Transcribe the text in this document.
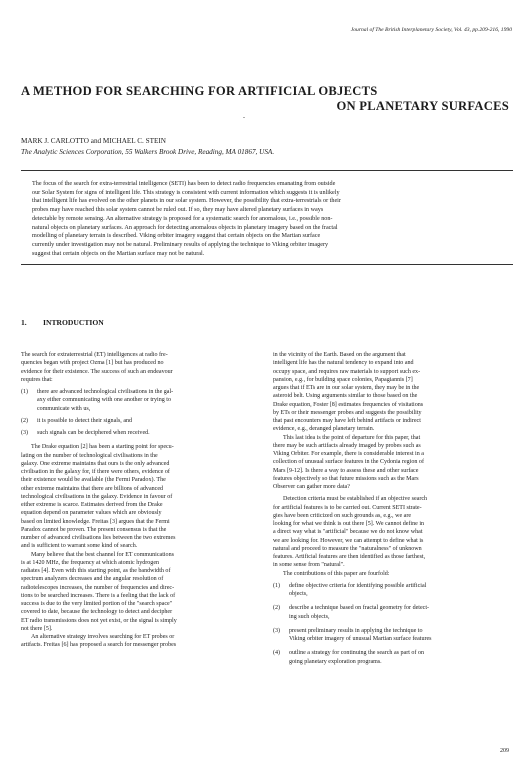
Journal of The British Interplanetary Society, Vol. 43, pp.209-216, 1990
A METHOD FOR SEARCHING FOR ARTIFICIAL OBJECTS
.
ON PLANETARY SURFACES
MARK J. CARLOTTO and MICHAEL C. STEIN
The Analytic Sciences Corporation, 55 Walkers Brook Drive, Reading, MA 01867, USA.
The focus of the search for extra-terrestrial intelligence (SETI) has been to detect radio frequencies emanating from outside
our Solar System for signs of intelligent life. This strategy is consistent with current information which suggests it is unlikely
that intelligent life has evolved on the other planets in our solar system. However, the possibility that extra-terrestrials or their
probes may have reached this solar system cannot be ruled out. If so, they may have altered planetary surfaces in ways
detectable by remote sensing. An alternative strategy is proposed for a systematic search for anomalous, i.e., possible non-
natural objects on planetary surfaces. An approach for detecting anomalous objects in planetary imagery based on the fractal
modelling of planetary terrain is described. Viking orbiter imagery suggest that certain objects on the Martian surface
currently under investigation may not be natural. Preliminary results of applying the technique to Viking orbiter imagery
suggest that certain objects on the Martian surface may not be natural.
1. INTRODUCTION
The search for extraterrestrial (ET) intelligences at radio fre-
quencies began with project Ozma [1] but has produced no
evidence for their existence. The success of such an endeavour
requires that:
(1)	there are advanced technological civilisations in the gal-
axy either communicating with one another or trying to
communicate with us,
(2)	it is possible to detect their signals, and
(3)	such signals can be deciphered when received.
The Drake equation [2] has been a starting point for specu-
lating on the number of technological civilisations in the
galaxy. One extreme maintains that ours is the only advanced
civilisation in the galaxy for, if there were others, evidence of
their existence would be available (the Fermi Paradox). The
other extreme maintains that there are billions of advanced
technological civilisations in the galaxy. Evidence in favour of
either extreme is scarce. Estimates derived from the Drake
equation depend on parameter values which are obviously
based on limited knowledge. Freitas [3] argues that the Fermi
Paradox cannot be proven. The present consensus is that the
number of advanced civilisations lies between the two extremes
and is sufficient to warrant some kind of search.
Many believe that the best channel for ET communications
is at 1420 MHz, the frequency at which atomic hydrogen
radiates [4]. Even with this starting point, as the bandwidth of
spectrum analyzers decreases and the angular resolution of
radiotelescopes increases, the number of frequencies and direc-
tions to be searched increases. There is a feeling that the lack of
success is due to the very limited portion of the "search space"
covered to date, because the technology to detect and decipher
ET radio transmissions does not yet exist, or the signal is simply
not there [5].
An alternative strategy involves searching for ET probes or
artifacts. Freitas [6] has proposed a search for messenger probes
in the vicinity of the Earth. Based on the argument that
intelligent life has the natural tendency to expand into and
occupy space, and requires raw materials to support such ex-
pansion, e.g., for building space colonies, Papagiannis [7]
argues that if ETs are in our solar system, they may be in the
asteroid belt. Using arguments similar to those based on the
Drake equation, Foster [8] estimates frequencies of visitations
by ETs or their messenger probes and suggests the possibility
that past encounters may have left behind artifacts or indirect
evidence, e.g., deranged planetary terrain.
This last idea is the point of departure for this paper, that
there may be such artifacts already imaged by probes such as
Viking Orbiter. For example, there is considerable interest in a
collection of unusual surface features in the Cydonia region of
Mars [9-12]. Is there a way to assess these and other surface
features objectively so that future missions such as the Mars
Observer can gather more data?
Detection criteria must be established if an objective search
for artificial features is to be carried out. Current SETI strate-
gies have been criticized on such grounds as, e.g., we are
looking for what we think is out there [5]. We cannot define in
a direct way what is "artificial" because we do not know what
we are looking for. However, we can attempt to define what is
natural and proceed to measure the "naturalness" of unknown
features. Artificial features are then identified as those farthest,
in some sense from "natural".
The contributions of this paper are fourfold:
(1)	define objective criteria for identifying possible artificial
objects,
(2)	describe a technique based on fractal geometry for detect-
ing such objects,
(3)	present preliminary results in applying the technique to
Viking orbiter imagery of unusual Martian surface features
(4)	outline a strategy for continuing the search as part of on
going planetary exploration programs.
209
